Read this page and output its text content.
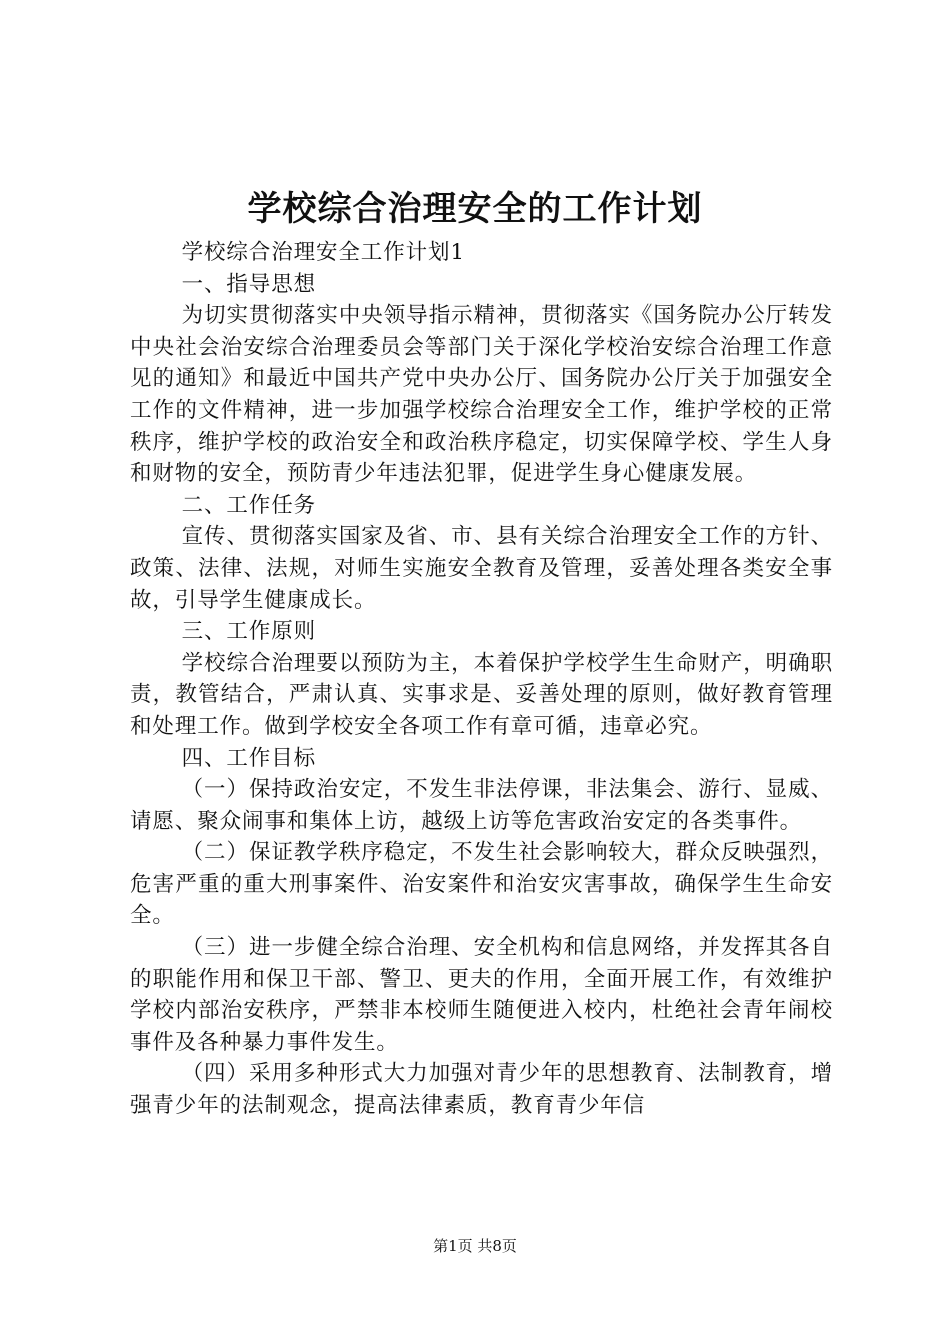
学校综合治理安全的工作计划

学校综合治理安全工作计划1

一、指导思想

为切实贯彻落实中央领导指示精神，贯彻落实《国务院办公厅转发中央社会治安综合治理委员会等部门关于深化学校治安综合治理工作意见的通知》和最近中国共产党中央办公厅、国务院办公厅关于加强安全工作的文件精神，进一步加强学校综合治理安全工作，维护学校的正常秩序，维护学校的政治安全和政治秩序稳定，切实保障学校、学生人身和财物的安全，预防青少年违法犯罪，促进学生身心健康发展。

二、工作任务

宣传、贯彻落实国家及省、市、县有关综合治理安全工作的方针、政策、法律、法规，对师生实施安全教育及管理，妥善处理各类安全事故，引导学生健康成长。

三、工作原则

学校综合治理要以预防为主，本着保护学校学生生命财产，明确职责，教管结合，严肃认真、实事求是、妥善处理的原则，做好教育管理和处理工作。做到学校安全各项工作有章可循，违章必究。

四、工作目标

（一）保持政治安定，不发生非法停课，非法集会、游行、显威、请愿、聚众闹事和集体上访，越级上访等危害政治安定的各类事件。

（二）保证教学秩序稳定，不发生社会影响较大，群众反映强烈，危害严重的重大刑事案件、治安案件和治安灾害事故，确保学生生命安全。

（三）进一步健全综合治理、安全机构和信息网络，并发挥其各自的职能作用和保卫干部、警卫、更夫的作用，全面开展工作，有效维护学校内部治安秩序，严禁非本校师生随便进入校内，杜绝社会青年闹校事件及各种暴力事件发生。

（四）采用多种形式大力加强对青少年的思想教育、法制教育，增强青少年的法制观念，提高法律素质，教育青少年信

第1页 共8页
